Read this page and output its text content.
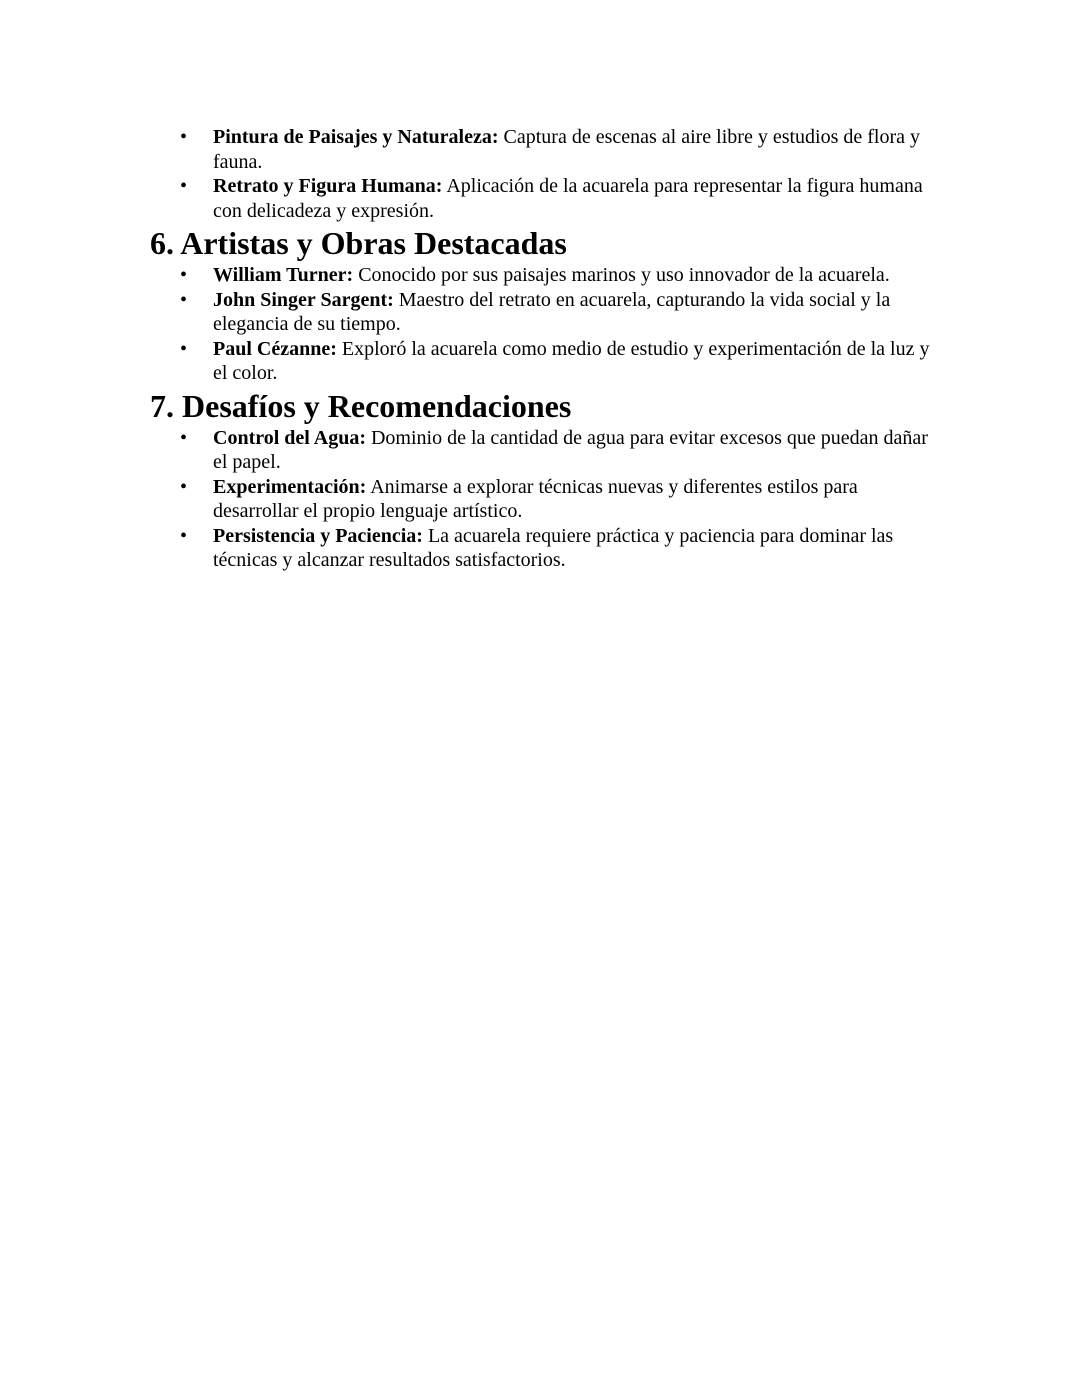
• Pintura de Paisajes y Naturaleza: Captura de escenas al aire libre y estudios de flora y fauna.
• Retrato y Figura Humana: Aplicación de la acuarela para representar la figura humana con delicadeza y expresión.
6. Artistas y Obras Destacadas
• William Turner: Conocido por sus paisajes marinos y uso innovador de la acuarela.
• John Singer Sargent: Maestro del retrato en acuarela, capturando la vida social y la elegancia de su tiempo.
• Paul Cézanne: Exploró la acuarela como medio de estudio y experimentación de la luz y el color.
7. Desafíos y Recomendaciones
• Control del Agua: Dominio de la cantidad de agua para evitar excesos que puedan dañar el papel.
• Experimentación: Animarse a explorar técnicas nuevas y diferentes estilos para desarrollar el propio lenguaje artístico.
• Persistencia y Paciencia: La acuarela requiere práctica y paciencia para dominar las técnicas y alcanzar resultados satisfactorios.
